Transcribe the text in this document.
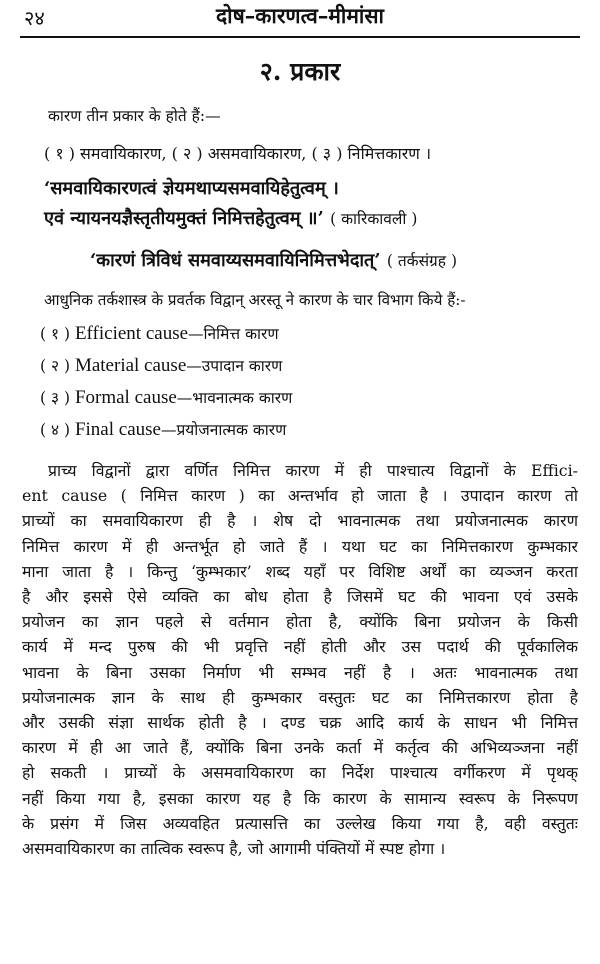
२४	दोष–कारणत्व–मीमांसा
२. प्रकार
कारण तीन प्रकार के होते हैं:—
( १ ) समवायिकारण, ( २ ) असमवायिकारण, ( ३ ) निमित्तकारण ।
‘समवायिकारणत्वं ज्ञेयमथाप्यसमवायिहेतुत्वम् ।
एवं न्यायनयज्ञैस्तृतीयमुक्तं निमित्तहेतुत्वम् ॥’ ( कारिकावली )
‘कारणं त्रिविधं समवाय्यसमवायिनिमित्तभेदात्’ ( तर्कसंग्रह )
आधुनिक तर्कशास्त्र के प्रवर्तक विद्वान् अरस्तू ने कारण के चार विभाग किये हैं:-
( १ ) Efficient cause—निमित्त कारण
( २ ) Material cause—उपादान कारण
( ३ ) Formal cause—भावनात्मक कारण
( ४ ) Final cause—प्रयोजनात्मक कारण
प्राच्य विद्वानों द्वारा वर्णित निमित्त कारण में ही पाश्चात्य विद्वानों के Effici-
ent cause ( निमित्त कारण ) का अन्तर्भाव हो जाता है । उपादान कारण तो
प्राच्यों का समवायिकारण ही है । शेष दो भावनात्मक तथा प्रयोजनात्मक कारण
निमित्त कारण में ही अन्तर्भूत हो जाते हैं । यथा घट का निमित्तकारण कुम्भकार
माना जाता है । किन्तु ‘कुम्भकार’ शब्द यहाँ पर विशिष्ट अर्थों का व्यञ्जन करता
है और इससे ऐसे व्यक्ति का बोध होता है जिसमें घट की भावना एवं उसके
प्रयोजन का ज्ञान पहले से वर्तमान होता है, क्योंकि बिना प्रयोजन के किसी
कार्य में मन्द पुरुष की भी प्रवृत्ति नहीं होती और उस पदार्थ की पूर्वकालिक
भावना के बिना उसका निर्माण भी सम्भव नहीं है । अतः भावनात्मक तथा
प्रयोजनात्मक ज्ञान के साथ ही कुम्भकार वस्तुतः घट का निमित्तकारण होता है
और उसकी संज्ञा सार्थक होती है । दण्ड चक्र आदि कार्य के साधन भी निमित्त
कारण में ही आ जाते हैं, क्योंकि बिना उनके कर्ता में कर्तृत्व की अभिव्यञ्जना नहीं
हो सकती । प्राच्यों के असमवायिकारण का निर्देश पाश्चात्य वर्गीकरण में पृथक्
नहीं किया गया है, इसका कारण यह है कि कारण के सामान्य स्वरूप के निरूपण
के प्रसंग में जिस अव्यवहित प्रत्यासत्ति का उल्लेख किया गया है, वही वस्तुतः
असमवायिकारण का तात्विक स्वरूप है, जो आगामी पंक्तियों में स्पष्ट होगा ।
